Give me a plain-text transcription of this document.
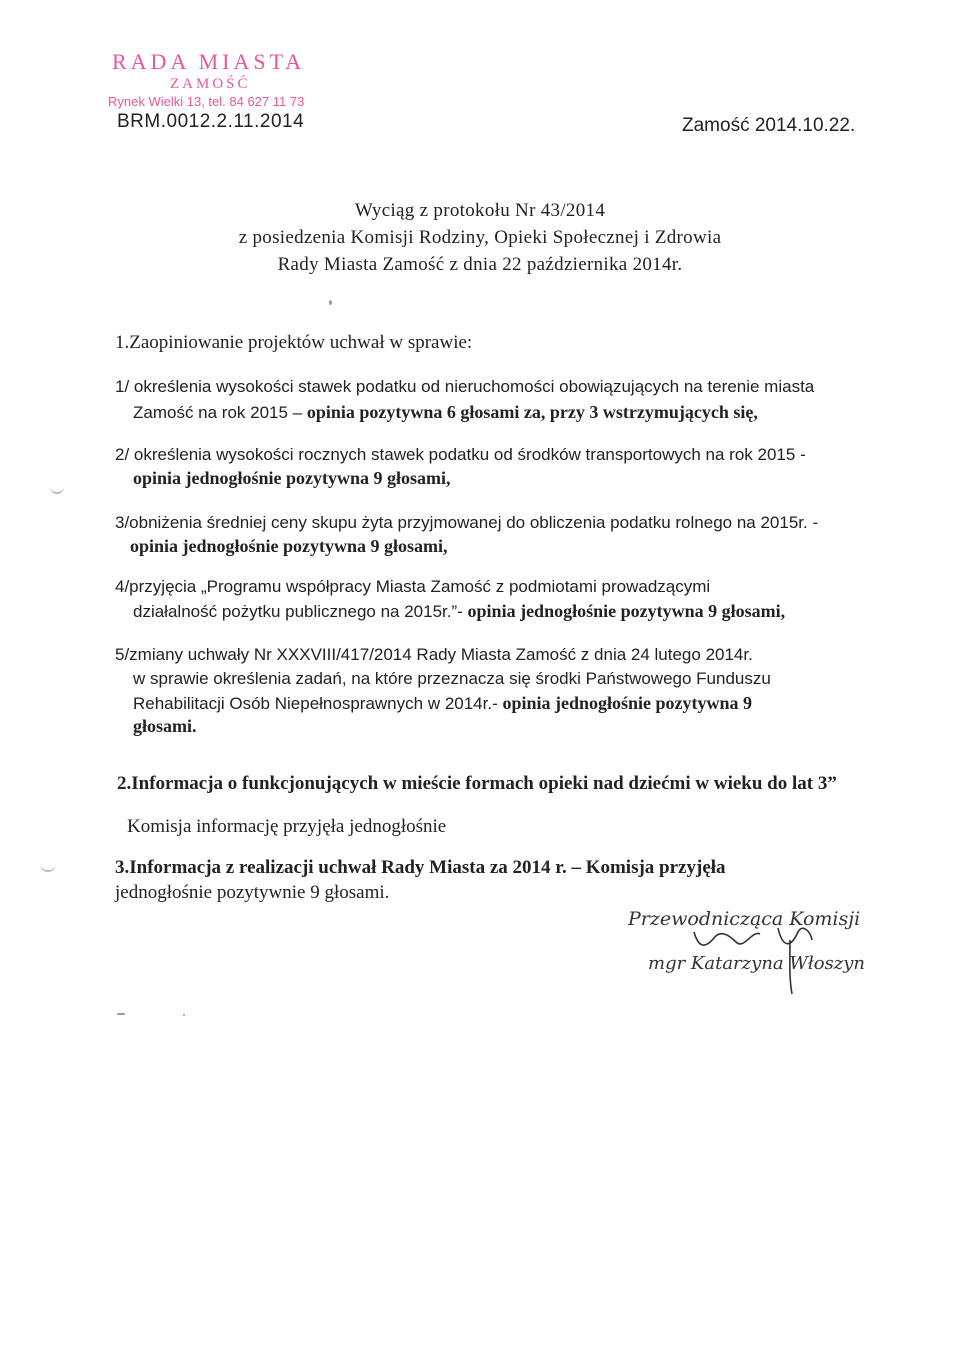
RADA MIASTA
ZAMOŚĆ
Rynek Wielki 13, tel. 84 627 11 73
BRM.0012.2.11.2014	Zamość 2014.10.22.
Wyciąg z protokołu Nr 43/2014
z posiedzenia Komisji Rodziny, Opieki Społecznej i Zdrowia
Rady Miasta Zamość z dnia 22 października 2014r.
1.Zaopiniowanie projektów uchwał w sprawie:
1/ określenia wysokości stawek podatku od nieruchomości obowiązujących na terenie miasta
Zamość na rok 2015 – opinia pozytywna 6 głosami za, przy 3 wstrzymujących się,
2/ określenia wysokości rocznych stawek podatku od środków transportowych na rok 2015 -
opinia jednogłośnie pozytywna 9 głosami,
3/obniżenia średniej ceny skupu żyta przyjmowanej do obliczenia podatku rolnego na 2015r. -
opinia jednogłośnie pozytywna 9 głosami,
4/przyjęcia „Programu współpracy Miasta Zamość z podmiotami prowadzącymi
działalność pożytku publicznego na 2015r.”- opinia jednogłośnie pozytywna 9 głosami,
5/zmiany uchwały Nr XXXVIII/417/2014 Rady Miasta Zamość z dnia 24 lutego 2014r.
w sprawie określenia zadań, na które przeznacza się środki Państwowego Funduszu
Rehabilitacji Osób Niepełnosprawnych w 2014r.- opinia jednogłośnie pozytywna 9
głosami.
2.Informacja o funkcjonujących w mieście formach opieki nad dziećmi w wieku do lat 3”
Komisja informację przyjęła jednogłośnie
3.Informacja z realizacji uchwał Rady Miasta za 2014 r. – Komisja przyjęła
jednogłośnie pozytywnie 9 głosami.
Przewodnicząca Komisji
mgr Katarzyna Włoszyn
